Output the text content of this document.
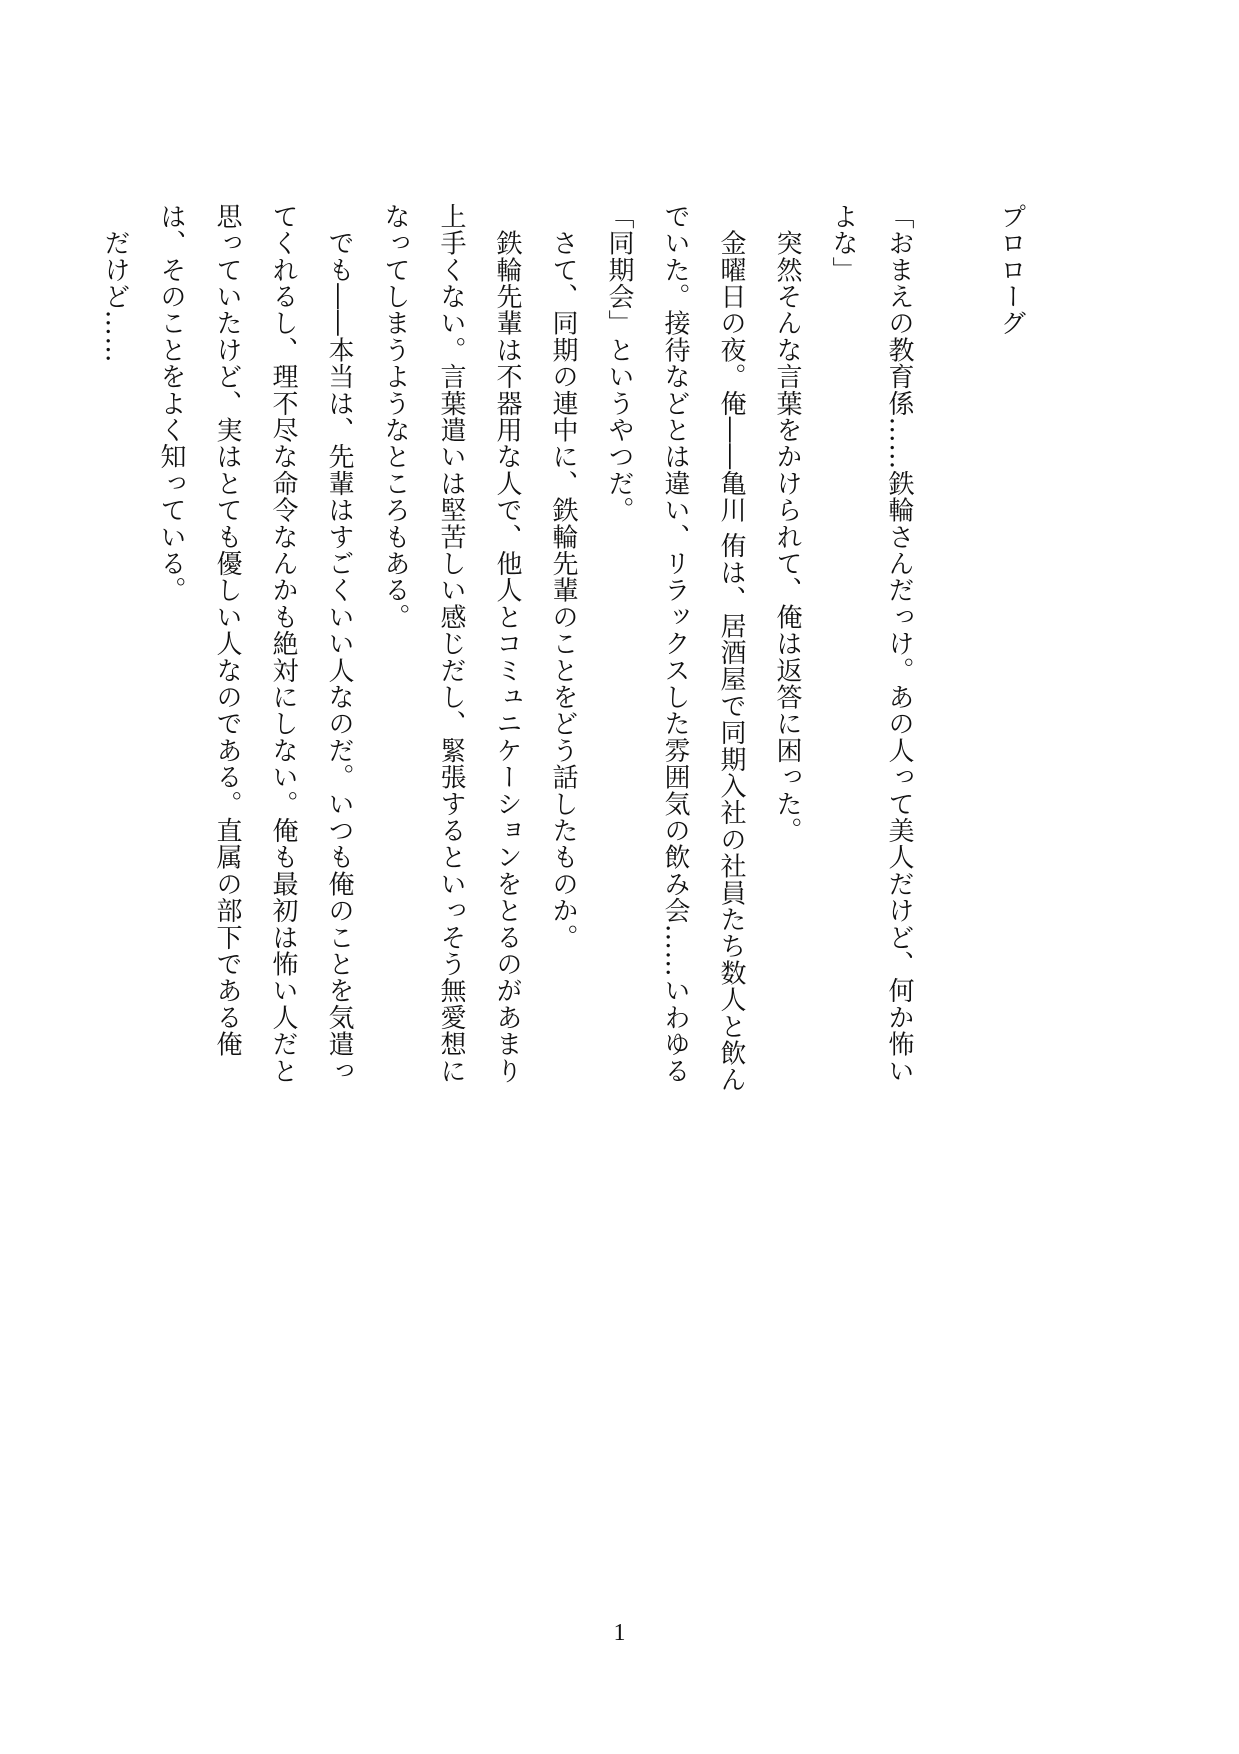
プロローグ

「おまえの教育係……鉄輪さんだっけ。あの人って美人だけど、何か怖いよな」

　突然そんな言葉をかけられて、俺は返答に困った。

　金曜日の夜。俺――亀川 侑は、居酒屋で同期入社の社員たち数人と飲んでいた。接待などとは違い、リラックスした雰囲気の飲み会……いわゆる「同期会」というやつだ。

　さて、同期の連中に、鉄輪先輩のことをどう話したものか。

　鉄輪先輩は不器用な人で、他人とコミュニケーションをとるのがあまり上手くない。言葉遣いは堅苦しい感じだし、緊張するといっそう無愛想になってしまうようなところもある。

　でも――本当は、先輩はすごくいい人なのだ。いつも俺のことを気遣ってくれるし、理不尽な命令なんかも絶対にしない。俺も最初は怖い人だと思っていたけど、実はとても優しい人なのである。直属の部下である俺は、そのことをよく知っている。

　だけど……

1
